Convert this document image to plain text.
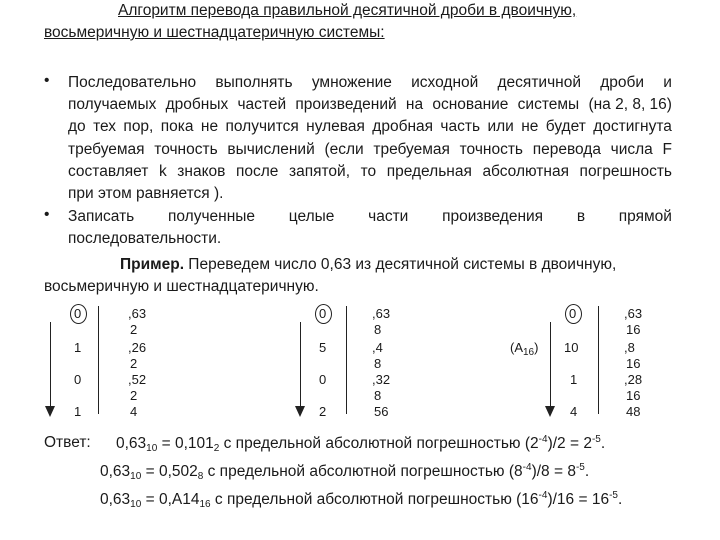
Алгоритм перевода правильной десятичной дроби в двоичную,
восьмеричную и шестнадцатеричную системы:
• Последовательно выполнять умножение исходной десятичной дроби и
получаемых дробных частей произведений на основание системы (на 2, 8, 16)
до тех пор, пока не получится нулевая дробная часть или не будет достигнута
требуемая точность вычислений (если требуемая точность перевода числа F
составляет k знаков после запятой, то предельная абсолютная погрешность
при этом равняется ).
• Записать полученные целые части произведения в прямой
последовательности.
Пример. Переведем число 0,63 из десятичной системы в двоичную,
восьмеричную и шестнадцатеричную.
0
1
0
1
,63
2
,26
2
,52
2
4
0
5
0
2
,63
8
,4
8
,32
8
56
$(A_{16})$
0
10
1
4
,63
16
,8
16
,28
16
48
Ответ: $0,63_{10} = 0,101_2$ с предельной абсолютной погрешностью $(2^{-4})/2 = 2^{-5}$.
$0,63_{10} = 0,502_8$ с предельной абсолютной погрешностью $(8^{-4})/8 = 8^{-5}$.
$0,63_{10} = 0,A14_{16}$ с предельной абсолютной погрешностью $(16^{-4})/16 = 16^{-5}$.
